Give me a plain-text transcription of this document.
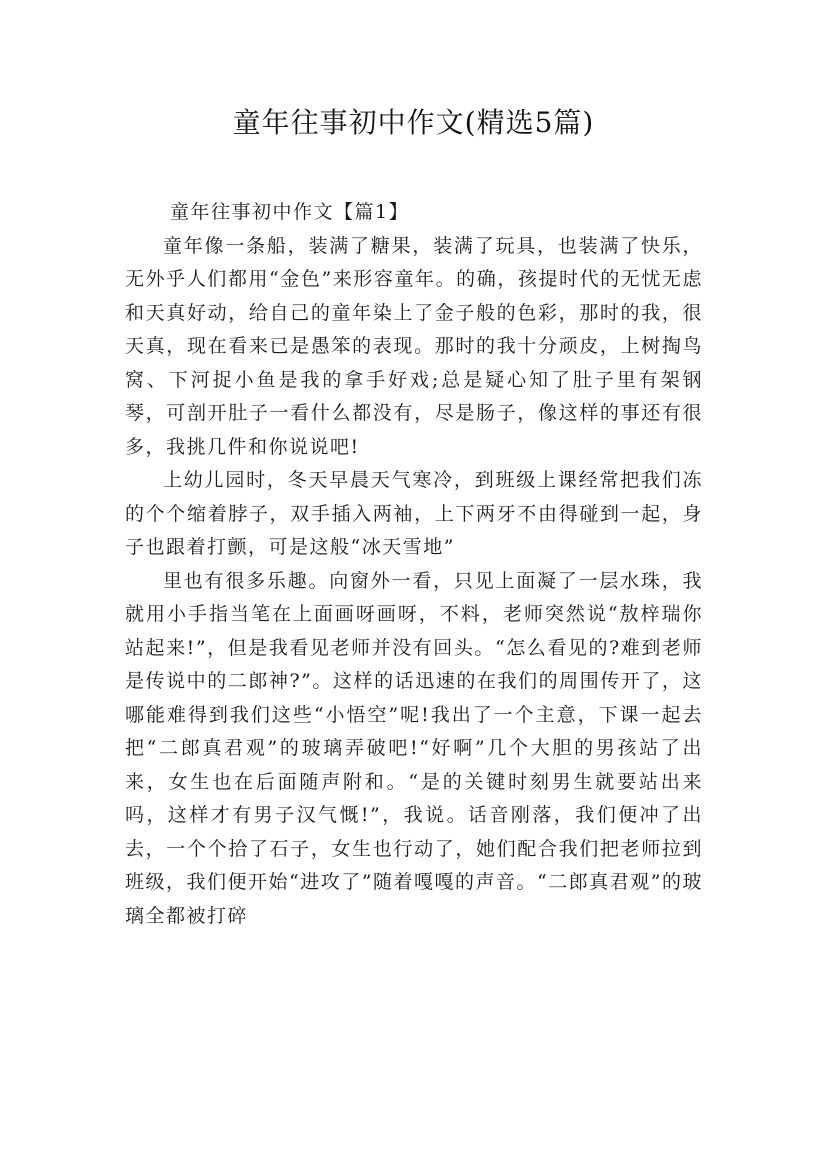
童年往事初中作文(精选5篇)

童年往事初中作文【篇1】

童年像一条船，装满了糖果，装满了玩具，也装满了快乐，无外乎人们都用“金色”来形容童年。的确，孩提时代的无忧无虑和天真好动，给自己的童年染上了金子般的色彩，那时的我，很天真，现在看来已是愚笨的表现。那时的我十分顽皮，上树掏鸟窝、下河捉小鱼是我的拿手好戏;总是疑心知了肚子里有架钢琴，可剖开肚子一看什么都没有，尽是肠子，像这样的事还有很多，我挑几件和你说说吧!

上幼儿园时，冬天早晨天气寒冷，到班级上课经常把我们冻的个个缩着脖子，双手插入两袖，上下两牙不由得碰到一起，身子也跟着打颤，可是这般“冰天雪地”

里也有很多乐趣。向窗外一看，只见上面凝了一层水珠，我就用小手指当笔在上面画呀画呀，不料，老师突然说“敖梓瑞你站起来!”，但是我看见老师并没有回头。“怎么看见的?难到老师是传说中的二郎神?”。这样的话迅速的在我们的周围传开了，这哪能难得到我们这些“小悟空”呢!我出了一个主意，下课一起去把“二郎真君观”的玻璃弄破吧!“好啊”几个大胆的男孩站了出来，女生也在后面随声附和。“是的关键时刻男生就要站出来吗，这样才有男子汉气慨!”，我说。话音刚落，我们便冲了出去，一个个拾了石子，女生也行动了，她们配合我们把老师拉到班级，我们便开始“进攻了”随着嘎嘎的声音。“二郎真君观”的玻璃全都被打碎
